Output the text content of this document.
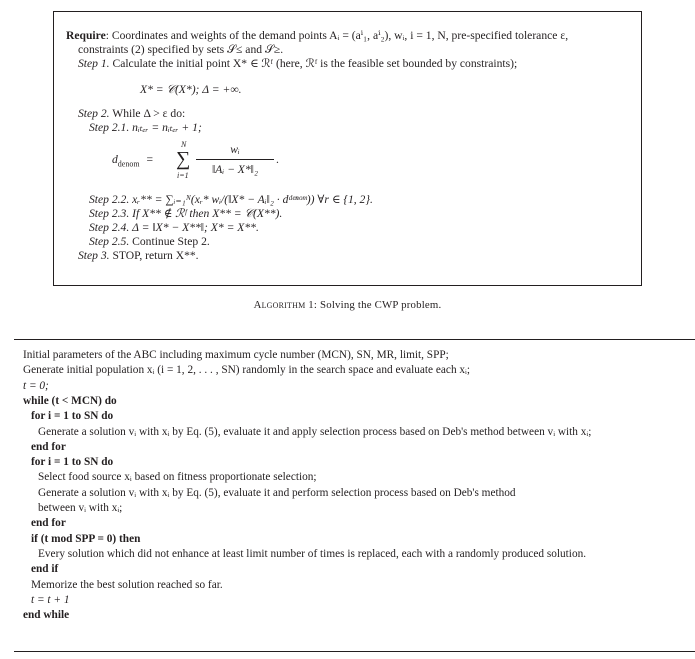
Require: Coordinates and weights of the demand points Aᵢ = (aⁱ₁, aⁱ₂), wᵢ, i = 1, N, pre-specified tolerance ε,
constraints (2) specified by sets 𝒮≤ and 𝒮≥.
Step 1. Calculate the initial point X* ∈ ℛᶠ (here, ℛᶠ is the feasible set bounded by constraints);
X* = 𝒞(X*); Δ = +∞.
Step 2. While Δ > ε do:
Step 2.1. nᵢₜₑᵣ = nᵢₜₑᵣ + 1;
$d_{denom}$ =
N
∑
i=1
wᵢ
‖Aᵢ − X*‖₂
.
Step 2.2. xᵣ** = ∑ᵢ₌₁ᴺ(xᵣ* wᵢ/(‖X* − Aᵢ‖₂ · dᵈᵉⁿᵒᵐ)) ∀r ∈ {1, 2}.
Step 2.3. If X** ∉ ℛᶠ then X** = 𝒞(X**).
Step 2.4. Δ = ‖X* − X**‖; X* = X**.
Step 2.5. Continue Step 2.
Step 3. STOP, return X**.
Algorithm 1: Solving the CWP problem.
Initial parameters of the ABC including maximum cycle number (MCN), SN, MR, limit, SPP;
Generate initial population xᵢ (i = 1, 2, . . . , SN) randomly in the search space and evaluate each xᵢ;
t = 0;
while (t < MCN) do
for i = 1 to SN do
Generate a solution vᵢ with xᵢ by Eq. (5), evaluate it and apply selection process based on Deb's method between vᵢ with xᵢ;
end for
for i = 1 to SN do
Select food source xᵢ based on fitness proportionate selection;
Generate a solution vᵢ with xᵢ by Eq. (5), evaluate it and perform selection process based on Deb's method
between vᵢ with xᵢ;
end for
if (t mod SPP = 0) then
Every solution which did not enhance at least limit number of times is replaced, each with a randomly produced solution.
end if
Memorize the best solution reached so far.
t = t + 1
end while
